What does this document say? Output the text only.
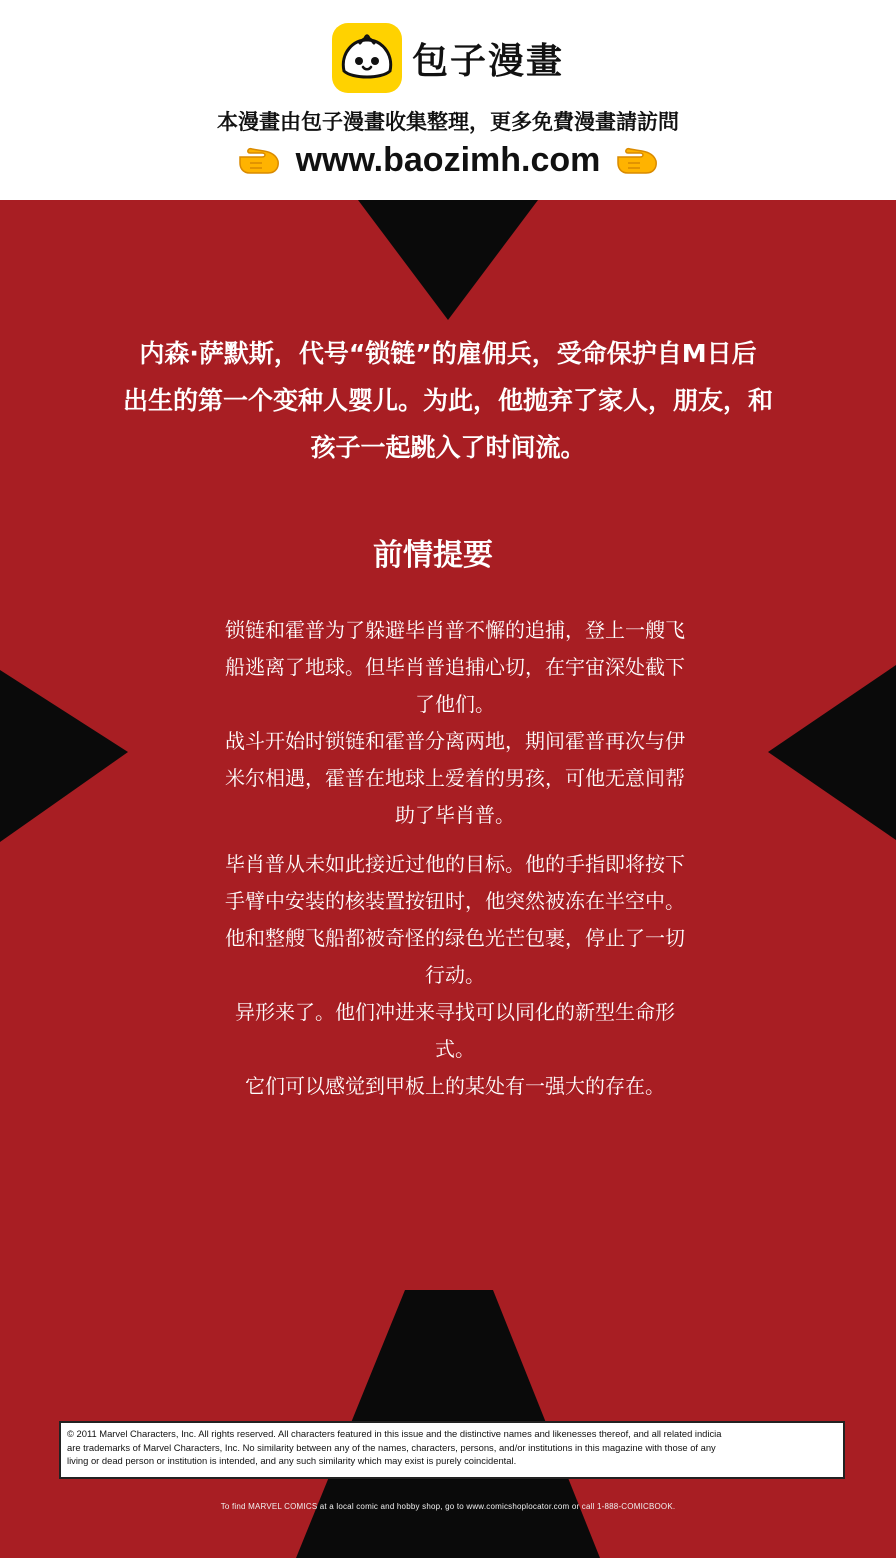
包子漫畫
本漫畫由包子漫畫收集整理，更多免費漫畫請訪問
www.baozimh.com
内森·萨默斯，代号“锁链”的雇佣兵，受命保护自M日后
出生的第一个变种人婴儿。为此，他抛弃了家人，朋友，和
孩子一起跳入了时间流。
前情提要
锁链和霍普为了躲避毕肖普不懈的追捕，登上一艘飞
船逃离了地球。但毕肖普追捕心切，在宇宙深处截下
了他们。
战斗开始时锁链和霍普分离两地，期间霍普再次与伊
米尔相遇，霍普在地球上爱着的男孩，可他无意间帮
助了毕肖普。
毕肖普从未如此接近过他的目标。他的手指即将按下
手臂中安装的核装置按钮时，他突然被冻在半空中。
他和整艘飞船都被奇怪的绿色光芒包裹，停止了一切
行动。
异形来了。他们冲进来寻找可以同化的新型生命形
式。
它们可以感觉到甲板上的某处有一强大的存在。
© 2011 Marvel Characters, Inc. All rights reserved. All characters featured in this issue and the distinctive names and likenesses thereof, and all related indicia
are trademarks of Marvel Characters, Inc. No similarity between any of the names, characters, persons, and/or institutions in this magazine with those of any
living or dead person or institution is intended, and any such similarity which may exist is purely coincidental.
To find MARVEL COMICS at a local comic and hobby shop, go to www.comicshoplocator.com or call 1-888-COMICBOOK.
